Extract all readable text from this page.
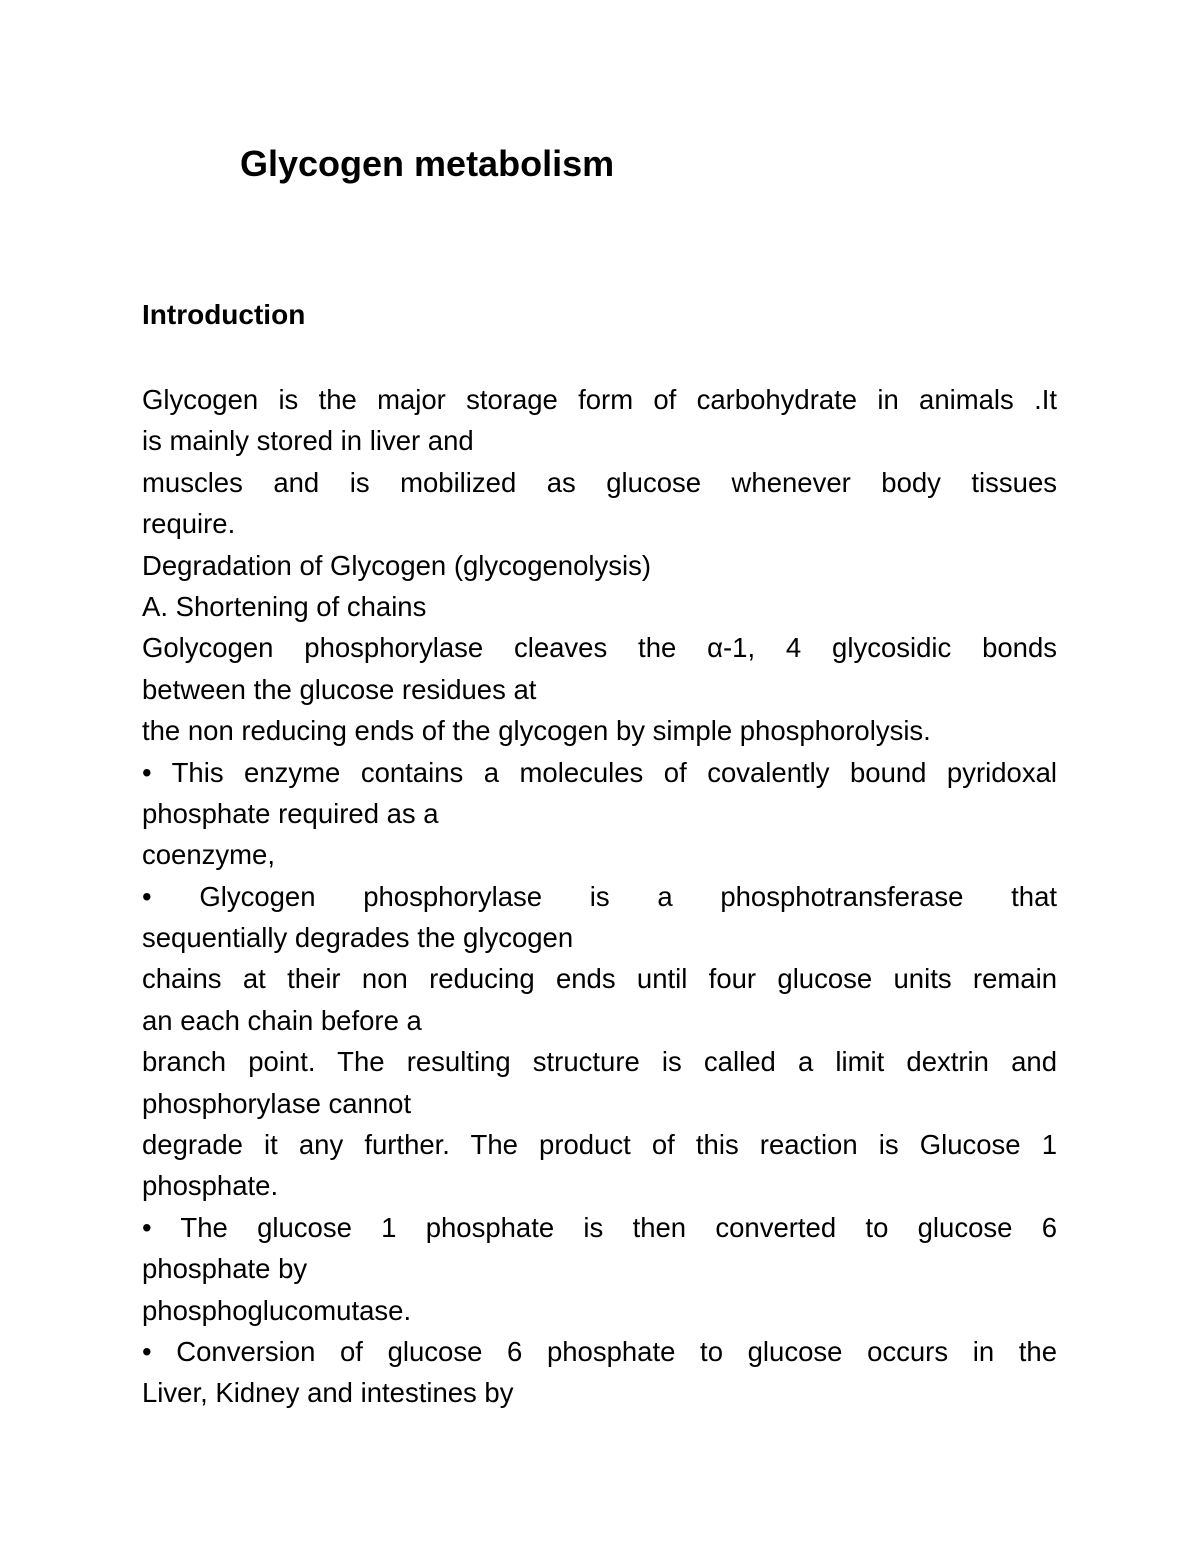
Glycogen metabolism
Introduction
Glycogen is the major storage form of carbohydrate in animals .It
is mainly stored in liver and
muscles and is mobilized as glucose whenever body tissues
require.
Degradation of Glycogen (glycogenolysis)
A. Shortening of chains
Golycogen phosphorylase cleaves the α-1, 4 glycosidic bonds
between the glucose residues at
the non reducing ends of the glycogen by simple phosphorolysis.
• This enzyme contains a molecules of covalently bound pyridoxal
phosphate required as a
coenzyme,
• Glycogen phosphorylase is a phosphotransferase that
sequentially degrades the glycogen
chains at their non reducing ends until four glucose units remain
an each chain before a
branch point. The resulting structure is called a limit dextrin and
phosphorylase cannot
degrade it any further. The product of this reaction is Glucose 1
phosphate.
• The glucose 1 phosphate is then converted to glucose 6
phosphate by
phosphoglucomutase.
• Conversion of glucose 6 phosphate to glucose occurs in the
Liver, Kidney and intestines by
